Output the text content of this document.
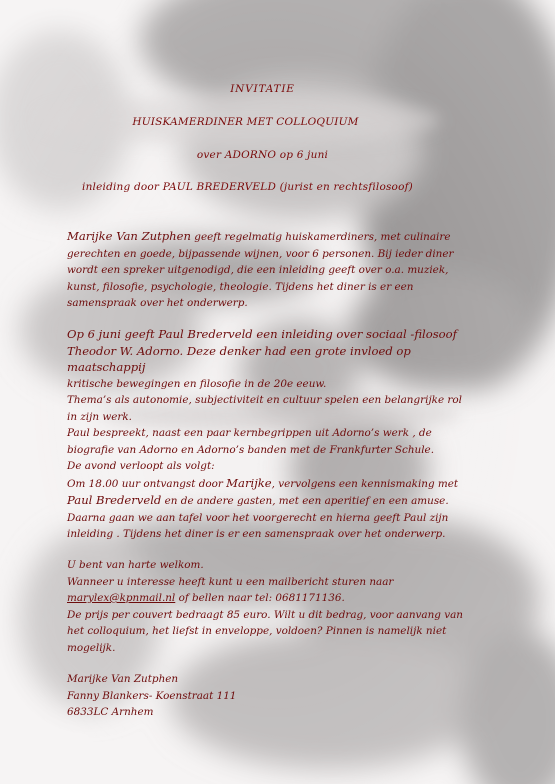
INVITATIE
HUISKAMERDINER MET COLLOQUIUM
over ADORNO op 6 juni
inleiding door PAUL BREDERVELD (jurist en rechtsfilosoof)

Marijke Van Zutphen geeft regelmatig huiskamerdiners, met culinaire

gerechten en goede, bijpassende wijnen, voor 6 personen. Bij ieder diner

wordt een spreker uitgenodigd, die een inleiding geeft over o.a. muziek,

kunst, filosofie, psychologie, theologie. Tijdens het diner is er een

samenspraak over het onderwerp.

Op 6 juni geeft Paul Brederveld een inleiding over sociaal -filosoof

Theodor W. Adorno. Deze denker had een grote invloed op maatschappij

kritische bewegingen en filosofie in de 20e eeuw.

Thema’s als autonomie, subjectiviteit en cultuur spelen een belangrijke rol

in zijn werk.

Paul bespreekt, naast een paar kernbegrippen uit Adorno’s werk , de

biografie van Adorno en Adorno’s banden met de Frankfurter Schule.

De avond verloopt als volgt:

Om 18.00 uur ontvangst door Marijke, vervolgens een kennismaking met

Paul Brederveld en de andere gasten, met een aperitief en een amuse.

Daarna gaan we aan tafel voor het voorgerecht en hierna geeft Paul zijn

inleiding . Tijdens het diner is er een samenspraak over het onderwerp.

U bent van harte welkom.

Wanneer u interesse heeft kunt u een mailbericht sturen naar

marylex@kpnmail.nl of bellen naar tel: 0681171136.

De prijs per couvert bedraagt 85 euro. Wilt u dit bedrag, voor aanvang van

het colloquium, het liefst in enveloppe, voldoen? Pinnen is namelijk niet

mogelijk.

Marijke Van Zutphen

Fanny Blankers- Koenstraat 111

6833LC Arnhem
